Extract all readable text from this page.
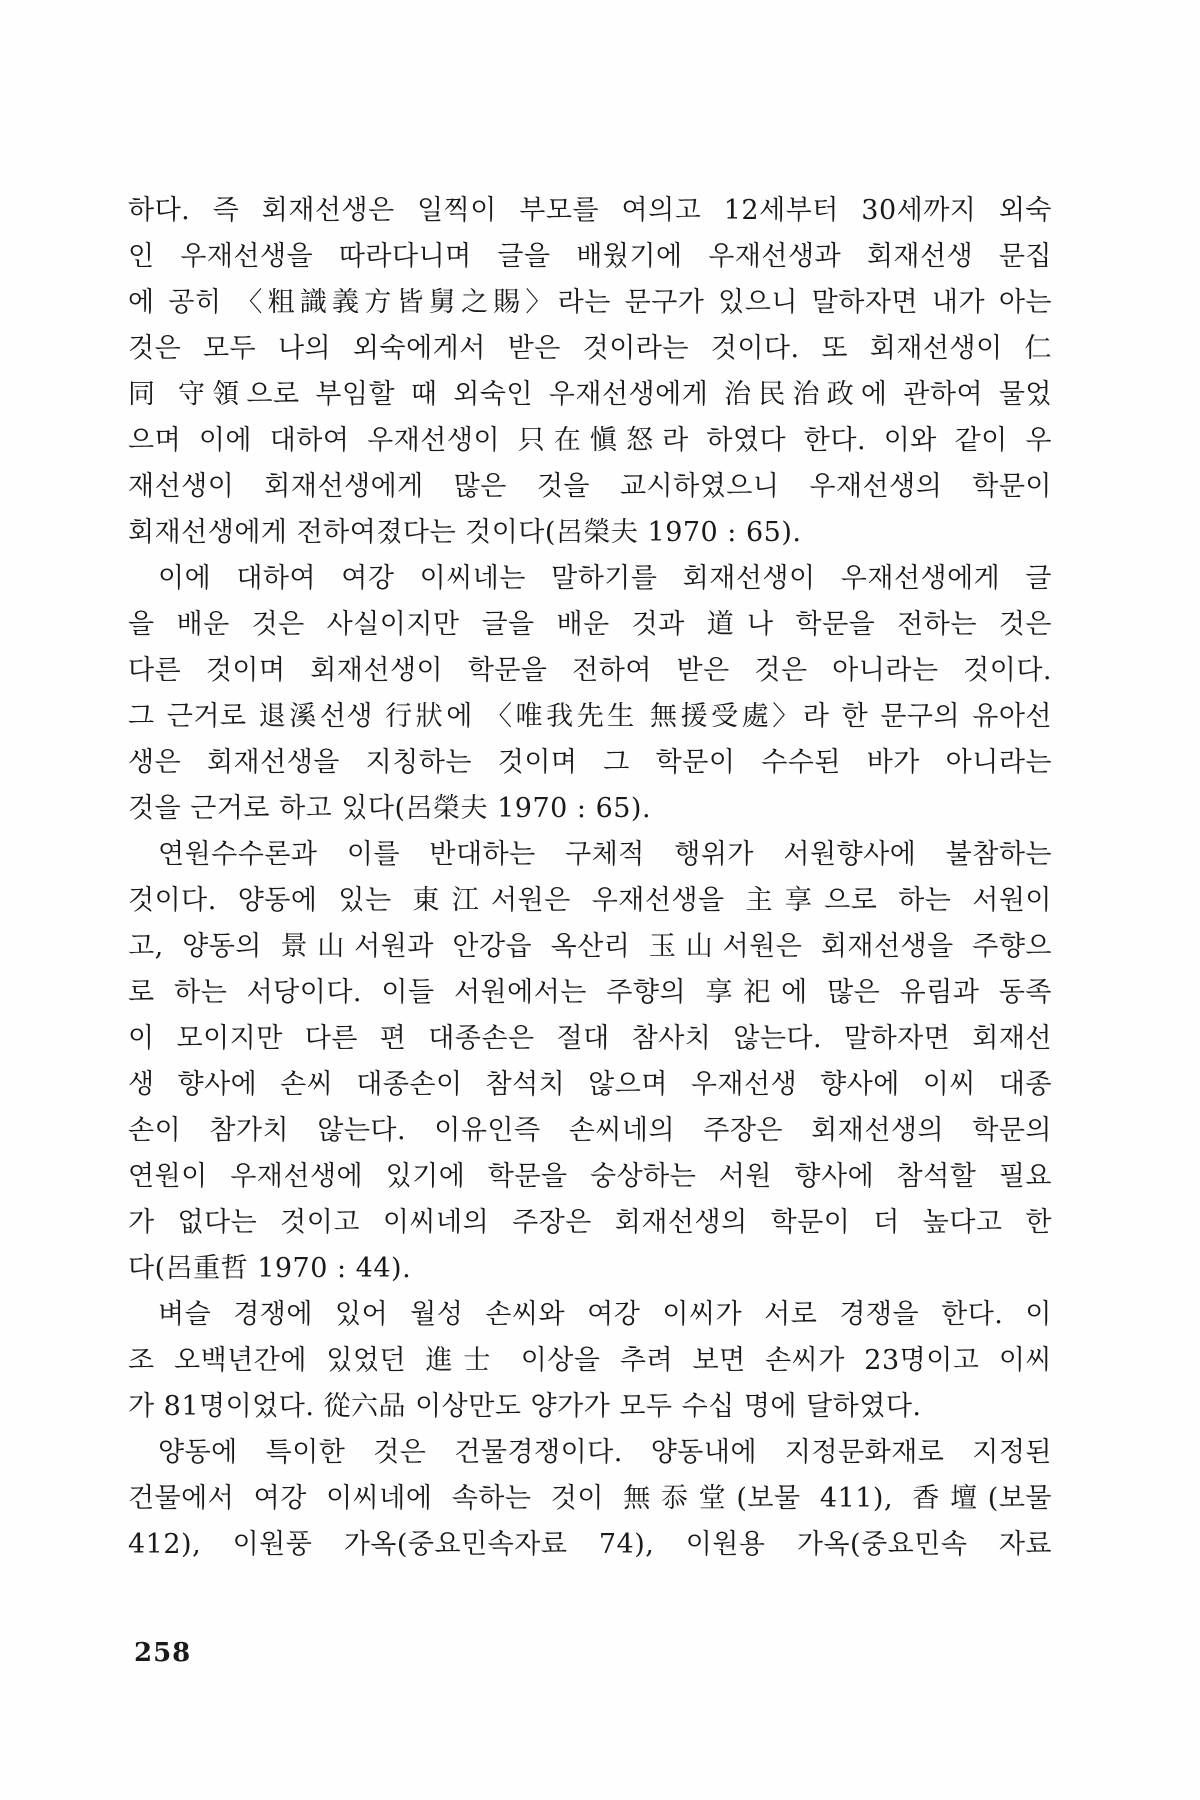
하다. 즉 회재선생은 일찍이 부모를 여의고 12세부터 30세까지 외숙
인 우재선생을 따라다니며 글을 배웠기에 우재선생과 회재선생 문집
에 공히 〈粗識義方皆舅之賜〉라는 문구가 있으니 말하자면 내가 아는
것은 모두 나의 외숙에게서 받은 것이라는 것이다. 또 회재선생이 仁
同 守領으로 부임할 때 외숙인 우재선생에게 治民治政에 관하여 물었
으며 이에 대하여 우재선생이 只在愼怒라 하였다 한다. 이와 같이 우
재선생이 회재선생에게 많은 것을 교시하였으니 우재선생의 학문이
회재선생에게 전하여졌다는 것이다(呂榮夫 1970 : 65).
이에 대하여 여강 이씨네는 말하기를 회재선생이 우재선생에게 글
을 배운 것은 사실이지만 글을 배운 것과 道나 학문을 전하는 것은
다른 것이며 회재선생이 학문을 전하여 받은 것은 아니라는 것이다.
그 근거로 退溪선생 行狀에 〈唯我先生 無援受處〉라 한 문구의 유아선
생은 회재선생을 지칭하는 것이며 그 학문이 수수된 바가 아니라는
것을 근거로 하고 있다(呂榮夫 1970 : 65).
연원수수론과 이를 반대하는 구체적 행위가 서원향사에 불참하는
것이다. 양동에 있는 東江서원은 우재선생을 主享으로 하는 서원이
고, 양동의 景山서원과 안강읍 옥산리 玉山서원은 회재선생을 주향으
로 하는 서당이다. 이들 서원에서는 주향의 享祀에 많은 유림과 동족
이 모이지만 다른 편 대종손은 절대 참사치 않는다. 말하자면 회재선
생 향사에 손씨 대종손이 참석치 않으며 우재선생 향사에 이씨 대종
손이 참가치 않는다. 이유인즉 손씨네의 주장은 회재선생의 학문의
연원이 우재선생에 있기에 학문을 숭상하는 서원 향사에 참석할 필요
가 없다는 것이고 이씨네의 주장은 회재선생의 학문이 더 높다고 한
다(呂重哲 1970 : 44).
벼슬 경쟁에 있어 월성 손씨와 여강 이씨가 서로 경쟁을 한다. 이
조 오백년간에 있었던 進士 이상을 추려 보면 손씨가 23명이고 이씨
가 81명이었다. 從六品 이상만도 양가가 모두 수십 명에 달하였다.
양동에 특이한 것은 건물경쟁이다. 양동내에 지정문화재로 지정된
건물에서 여강 이씨네에 속하는 것이 無忝堂(보물 411), 香壇(보물
412), 이원풍 가옥(중요민속자료 74), 이원용 가옥(중요민속 자료
258
